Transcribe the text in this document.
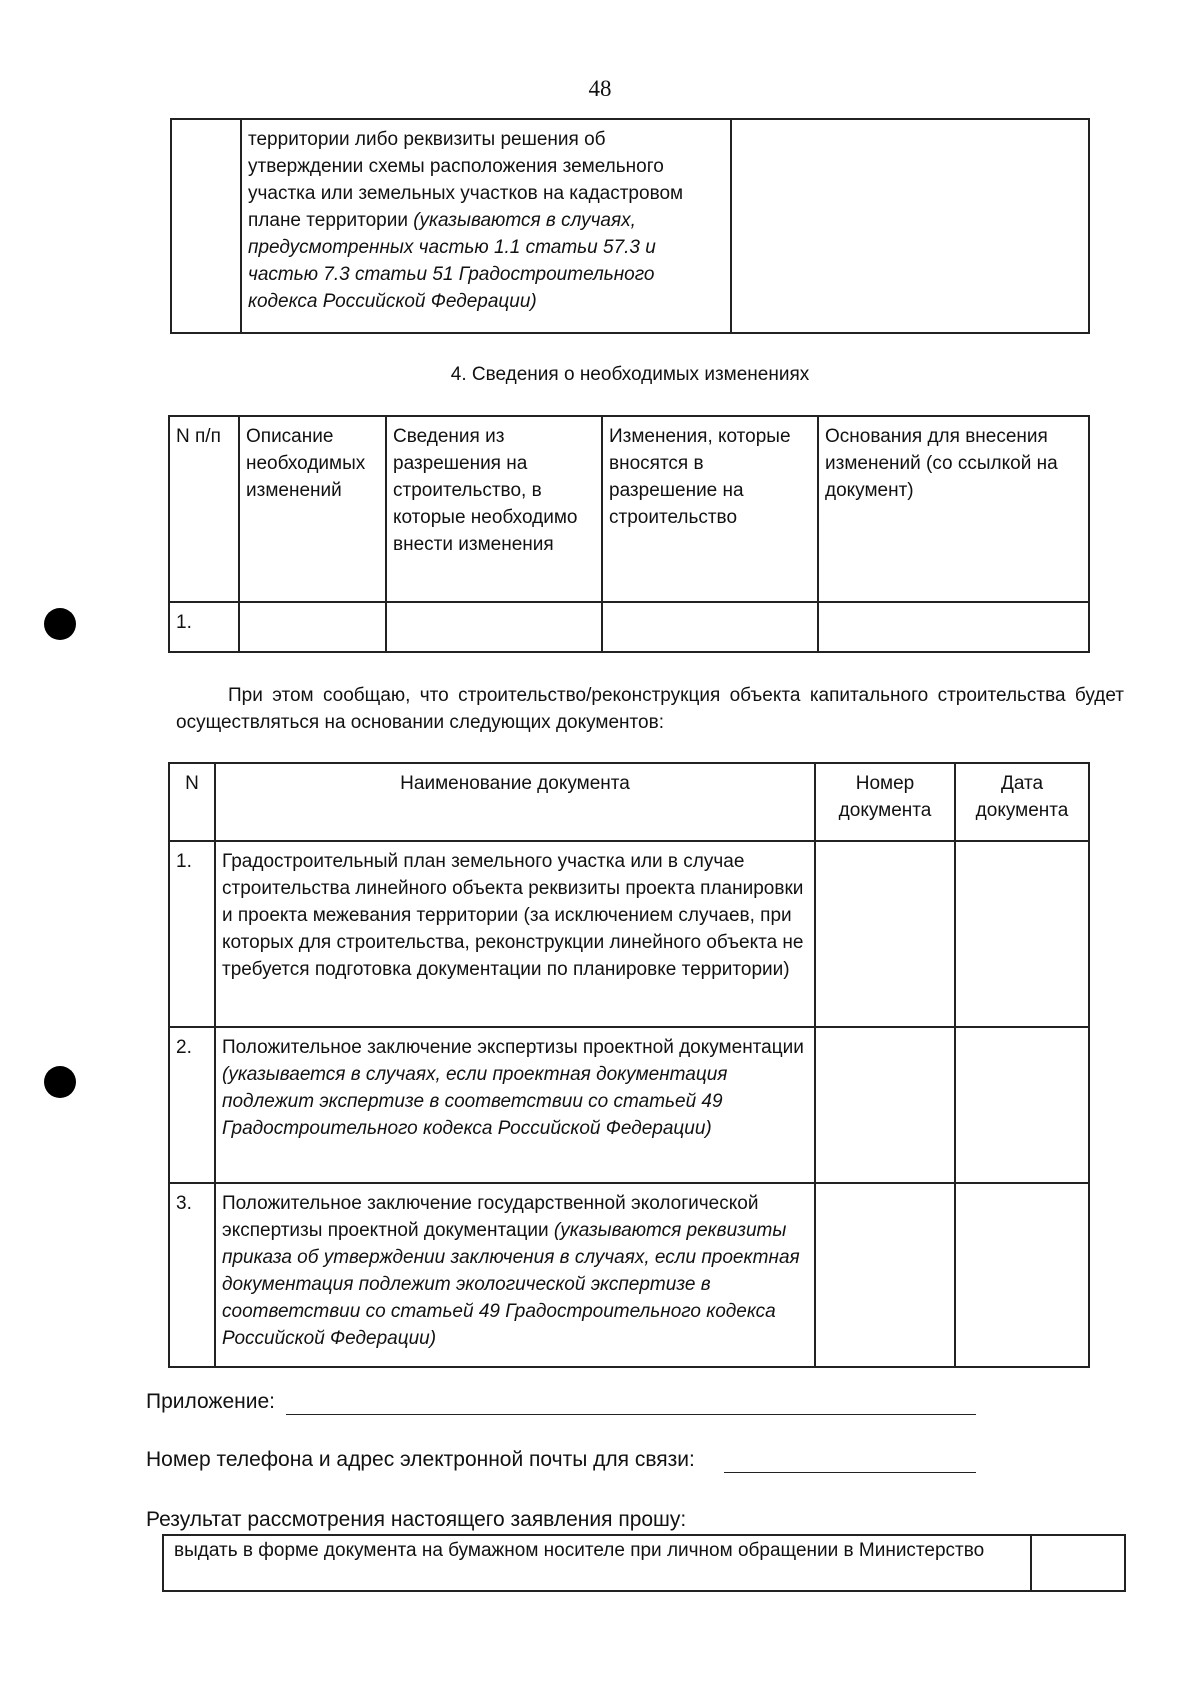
48
	территории либо реквизиты решения об утверждении схемы расположения земельного участка или земельных участков на кадастровом плане территории (указываются в случаях, предусмотренных частью 1.1 статьи 57.3 и частью 7.3 статьи 51 Градостроительного кодекса Российской Федерации)	
4. Сведения о необходимых изменениях
N п/п	Описание необходимых изменений	Сведения из разрешения на строительство, в которые необходимо внести изменения	Изменения, которые вносятся в разрешение на строительство	Основания для внесения изменений (со ссылкой на документ)
1.				
При этом сообщаю, что строительство/реконструкция объекта капитального строительства будет осуществляться на основании следующих документов:
N	Наименование документа	Номер документа	Дата документа
1.	Градостроительный план земельного участка или в случае строительства линейного объекта реквизиты проекта планировки и проекта межевания территории (за исключением случаев, при которых для строительства, реконструкции линейного объекта не требуется подготовка документации по планировке территории)		
2.	Положительное заключение экспертизы проектной документации (указывается в случаях, если проектная документация подлежит экспертизе в соответствии со статьей 49 Градостроительного кодекса Российской Федерации)		
3.	Положительное заключение государственной экологической экспертизы проектной документации (указываются реквизиты приказа об утверждении заключения в случаях, если проектная документация подлежит экологической экспертизе в соответствии со статьей 49 Градостроительного кодекса Российской Федерации)		
Приложение:
Номер телефона и адрес электронной почты для связи:
Результат рассмотрения настоящего заявления прошу:
выдать в форме документа на бумажном носителе при личном обращении в Министерство	
